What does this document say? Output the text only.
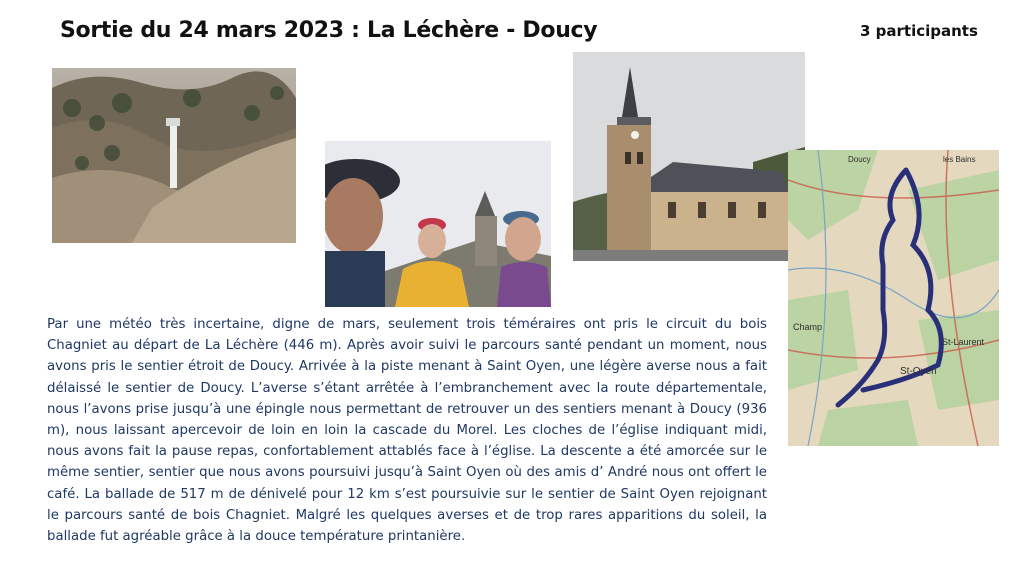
Sortie du 24 mars 2023 : La Léchère - Doucy	3 participants
Champ
St-Laurent
St-Oyen
les Bains
Doucy
Par une météo très incertaine, digne de mars, seulement trois téméraires ont pris le circuit du bois Chagniet au départ de La Léchère (446 m). Après avoir suivi le parcours santé pendant un moment, nous avons pris le sentier étroit de Doucy. Arrivée à la piste menant à Saint Oyen, une légère averse nous a fait délaissé le sentier de Doucy. L’averse s’étant arrêtée à l’embranchement avec la route départementale, nous l’avons prise jusqu’à une épingle nous permettant de retrouver un des sentiers menant à Doucy (936 m), nous laissant apercevoir de loin en loin la cascade du Morel. Les cloches de l’église indiquant midi, nous avons fait la pause repas, confortablement attablés face à l’église. La descente a été amorcée sur le même sentier, sentier que nous avons poursuivi jusqu’à Saint Oyen où des amis d’ André nous ont offert le café. La ballade de 517 m de dénivelé pour 12 km s’est poursuivie sur le sentier de Saint Oyen rejoignant le parcours santé de bois Chagniet. Malgré les quelques averses et de trop rares apparitions du soleil, la ballade fut agréable grâce à la douce température printanière.
